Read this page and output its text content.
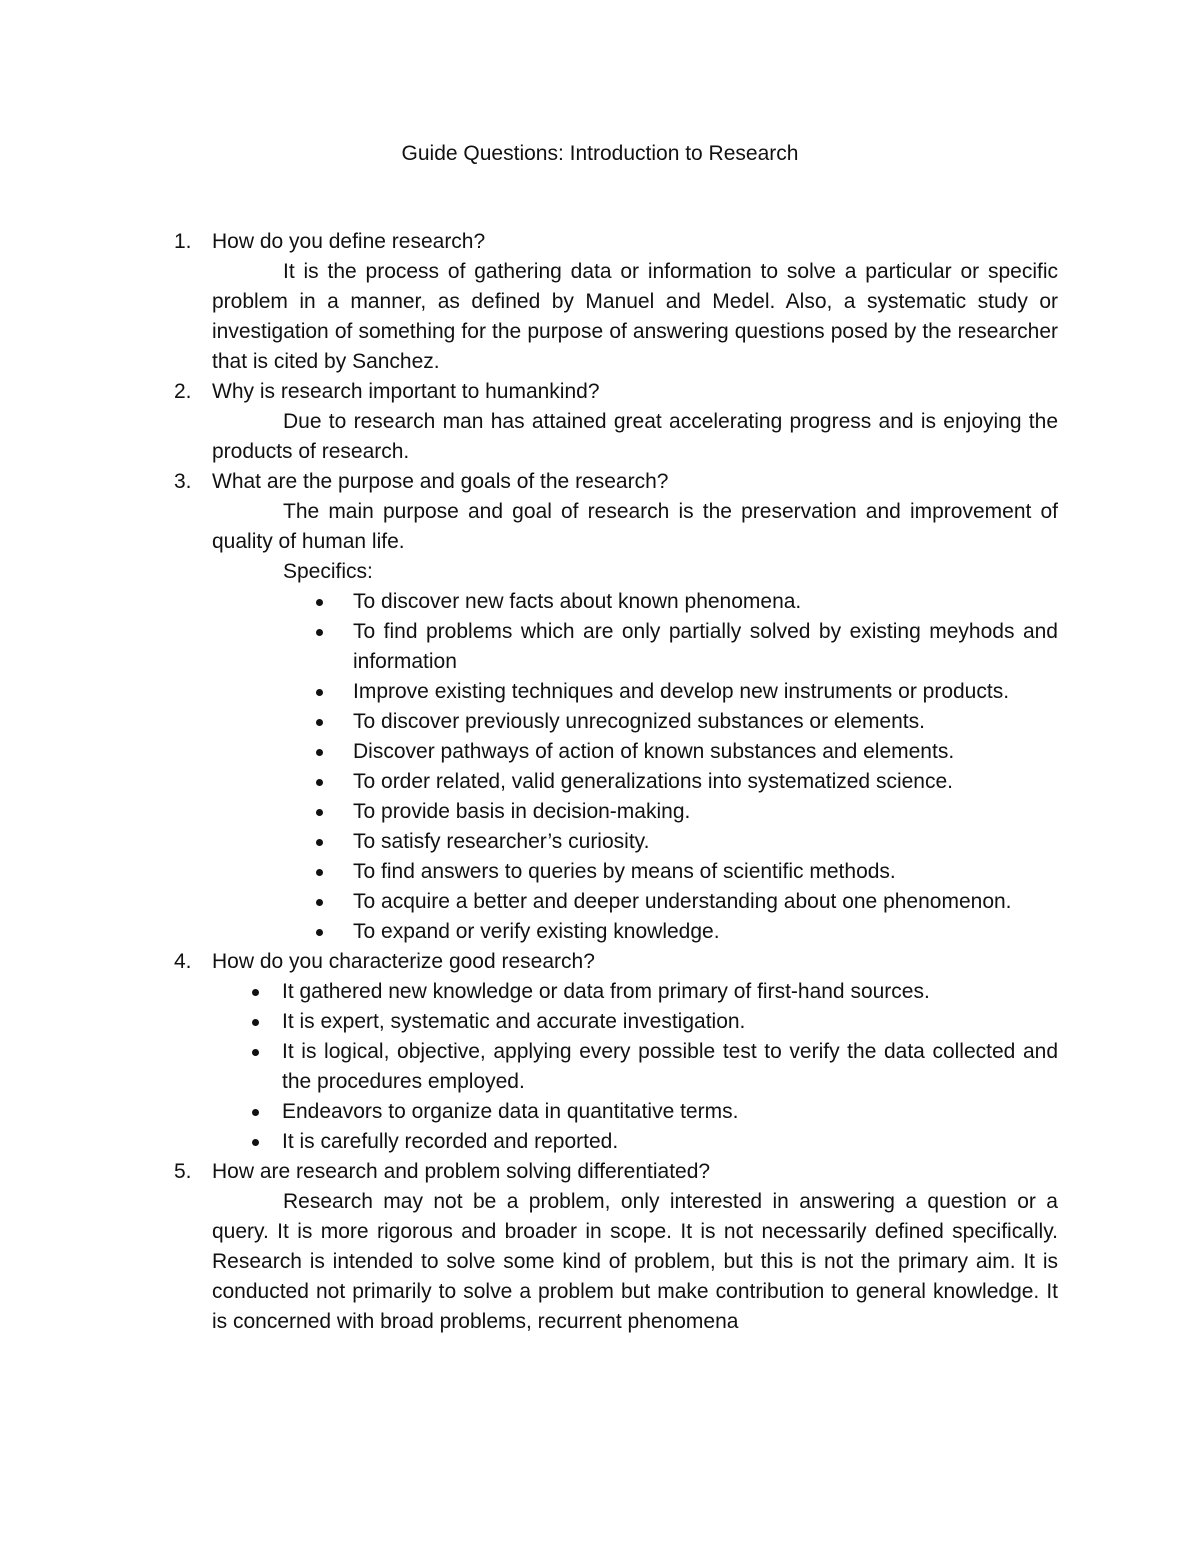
Guide Questions: Introduction to Research

1. How do you define research?

It is the process of gathering data or information to solve a particular or specific problem in a manner, as defined by Manuel and Medel. Also, a systematic study or investigation of something for the purpose of answering questions posed by the researcher that is cited by Sanchez.

2. Why is research important to humankind?

Due to research man has attained great accelerating progress and is enjoying the products of research.

3. What are the purpose and goals of the research?

The main purpose and goal of research is the preservation and improvement of quality of human life.

Specifics:

To discover new facts about known phenomena.
To find problems which are only partially solved by existing meyhods and information
Improve existing techniques and develop new instruments or products.
To discover previously unrecognized substances or elements.
Discover pathways of action of known substances and elements.
To order related, valid generalizations into systematized science.
To provide basis in decision-making.
To satisfy researcher’s curiosity.
To find answers to queries by means of scientific methods.
To acquire a better and deeper understanding about one phenomenon.
To expand or verify existing knowledge.

4. How do you characterize good research?

It gathered new knowledge or data from primary of first-hand sources.
It is expert, systematic and accurate investigation.
It is logical, objective, applying every possible test to verify the data collected and the procedures employed.
Endeavors to organize data in quantitative terms.
It is carefully recorded and reported.

5. How are research and problem solving differentiated?

Research may not be a problem, only interested in answering a question or a query. It is more rigorous and broader in scope. It is not necessarily defined specifically. Research is intended to solve some kind of problem, but this is not the primary aim. It is conducted not primarily to solve a problem but make contribution to general knowledge. It is concerned with broad problems, recurrent phenomena
